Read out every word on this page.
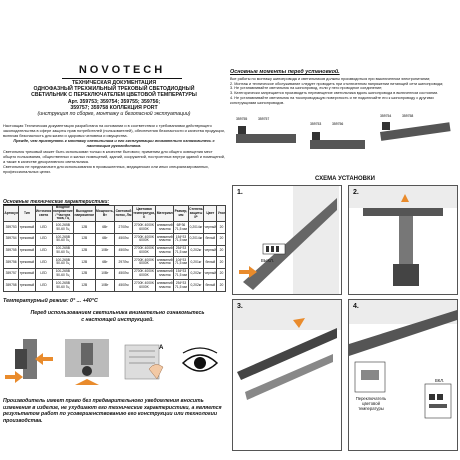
NOVOTECH
ТЕХНИЧЕСКАЯ ДОКУМЕНТАЦИЯ
ОДНОФАЗНЫЙ ТРЕХЖИЛЬНЫЙ ТРЕКОВЫЙ СВЕТОДИОДНЫЙ
СВЕТИЛЬНИК С ПЕРЕКЛЮЧАТЕЛЕМ ЦВЕТОВОЙ ТЕМПЕРАТУРЫ
Арт. 359753; 359754; 359755; 359756;
359757; 359758 КОЛЛЕКЦИЯ PORT
(инструкция по сборке, монтажу и безопасной эксплуатации)

Настоящая Техническая документация разработана на основании и в соответствии с требованиями действующего законодательства в сфере защиты прав потребителей (пользователей), обеспечения безопасности и качества продукции, включая безопасность для жизни и здоровья человека и имущества.

Прежде, чем приступать к монтажу светильника и его эксплуатации внимательно ознакомьтесь с настоящим руководством.

Светильник трековый может быть использован только в качестве бытового; применим для общего освещения мест общего пользования, общественных и жилых помещений, зданий, сооружений, построенных внутри зданий и помещений, а также в качестве декоративного светильника.

Светильник не предназначен для использования в промышленных, медицинских или иных специализированных, профессиональных целях.

Основные технические характеристики:
Артикул	Тип	Источник света	Входное напряжение / Частота тока, Гц	Выходное напряжение	Мощность, Вт	Световой поток, Лм	Цветовая температура, К	Материал	Размер, мм	Степень защиты IP	Цвет	Угол
359753	трековый	LED	100-265В 50-60 Гц	12В	6Вт	270Лм	2700K 4000K 6000K	алюминий пластик	68*36 71,5 мм	0,2014кг	черный	20
359754	трековый	LED	100-265В 50-60 Гц	12В	6Вт	450Лм	2700K 4000K 6000K	алюминий пластик	154*33 71,5 мм	0,2014кг	белый	20
359755	трековый	LED	100-265В 50-60 Гц	12В	10Вт	450Лм	2700K 4000K 6000K	алюминий пластик	254*33 71,5 мм	0,202кг	черный	20
359756	трековый	LED	100-265В 50-60 Гц	12В	6Вт	297Лм	2700K 4000K 6000K	алюминий пластик	104*33 71,5 мм	0,201кг	белый	20
359757	трековый	LED	100-265В 50-60 Гц	12В	10Вт	450Лм	2700K 4000K 6000K	алюминий пластик	154*33 71,5 мм	0,202кг	черный	20
359758	трековый	LED	100-265В 50-60 Гц	12В	10Вт	450Лм	2700K 4000K 6000K	алюминий пластик	254*33 71,5 мм	0,202кг	белый	20
Температурный режим: 0° ... +40°С
Перед использованием светильника внимательно ознакомьтесь с настоящей инструкцией.
A
Производитель имеет право без предварительного уведомления вносить изменения в изделие, не ухудшают его технические характеристики, а является результатом работ по усовершенствованию его конструкции или технологии производства.
Основные моменты перед установкой.

Все работы по монтажу шинопровода и светильников должны производиться при выключенном электропитании;

2. Монтаж и техническое обслуживание следует проводить при отключенном напряжении питающей сети шинопровода;

3. Не устанавливайте светильник на шинопровод, если у него проводное соединение;

3. Категорически запрещается производить перемещение светильника вдоль шинопровода в включенном состоянии.

4. Не устанавливайте светильник на токопроводящую поверхность и не подключайте его к шинопроводу с другими конструкциями шинопроводов.

359755	359757
359753	359756
359754	359758
СХЕМА УСТАНОВКИ
1.
ВЫКЛ.
2.
3.	4.
Переключатель цветовой температуры
ВКЛ.
